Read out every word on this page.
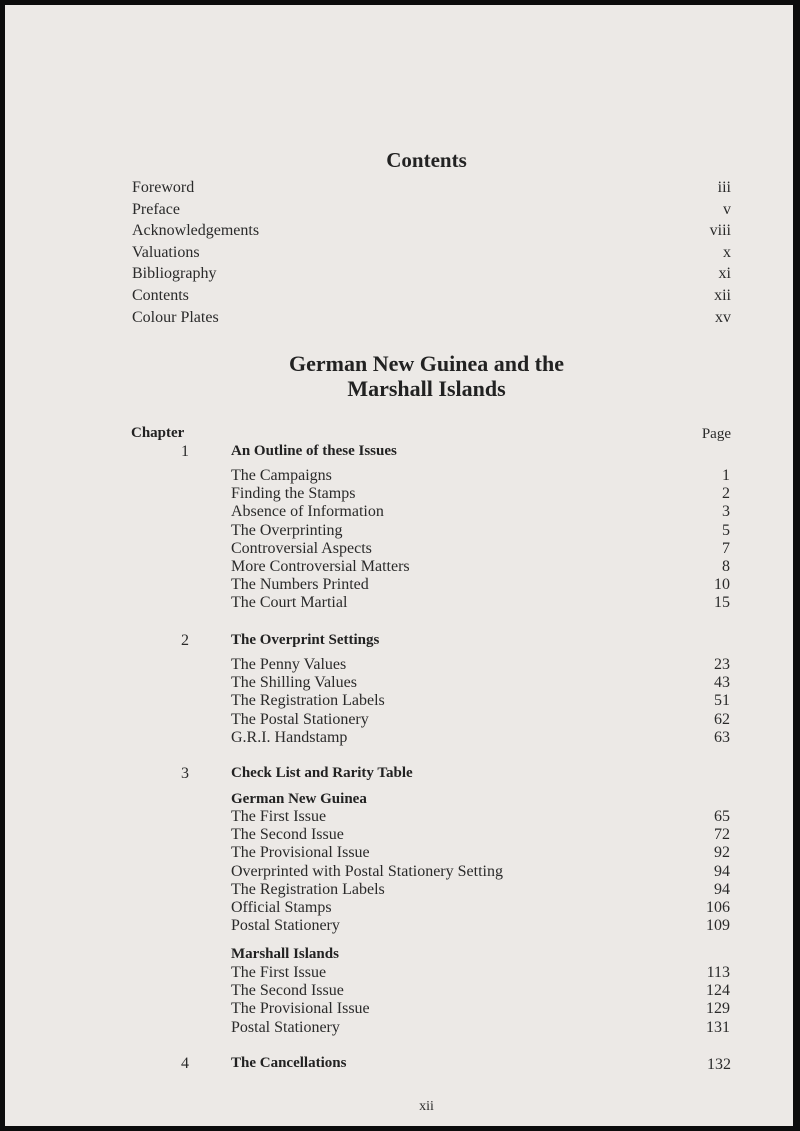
Contents
Foreword	iii
Preface	v
Acknowledgements	viii
Valuations	x
Bibliography	xi
Contents	xii
Colour Plates	xv
German New Guinea and the
Marshall Islands
Chapter	Page
1	An Outline of these Issues
The Campaigns	1
Finding the Stamps	2
Absence of Information	3
The Overprinting	5
Controversial Aspects	7
More Controversial Matters	8
The Numbers Printed	10
The Court Martial	15
2	The Overprint Settings
The Penny Values	23
The Shilling Values	43
The Registration Labels	51
The Postal Stationery	62
G.R.I. Handstamp	63
3	Check List and Rarity Table
German New Guinea
The First Issue	65
The Second Issue	72
The Provisional Issue	92
Overprinted with Postal Stationery Setting	94
The Registration Labels	94
Official Stamps	106
Postal Stationery	109
Marshall Islands
The First Issue	113
The Second Issue	124
The Provisional Issue	129
Postal Stationery	131
4	The Cancellations	132
xii
